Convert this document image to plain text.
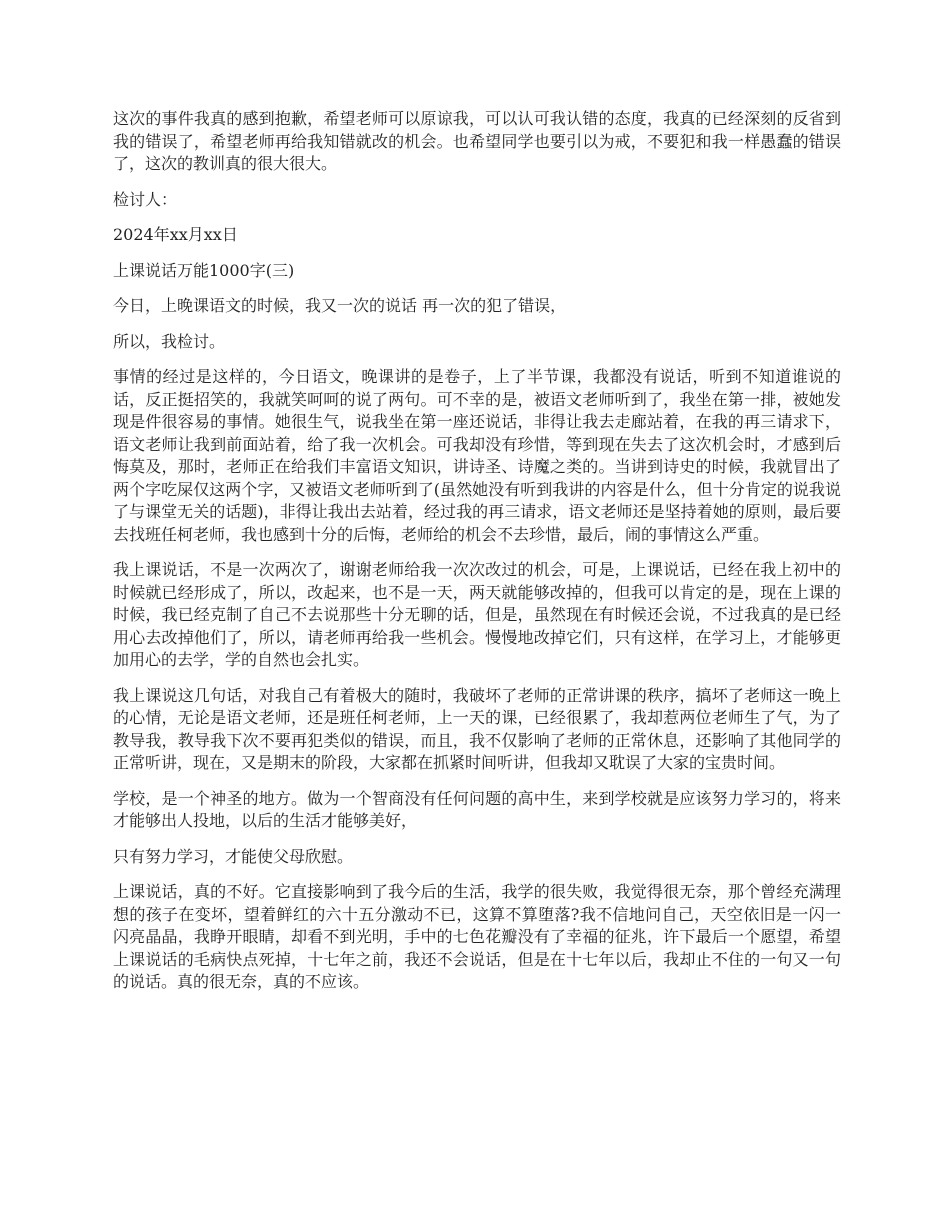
这次的事件我真的感到抱歉，希望老师可以原谅我，可以认可我认错的态度，我真的已经深刻的反省到我的错误了，希望老师再给我知错就改的机会。也希望同学也要引以为戒，不要犯和我一样愚蠢的错误了，这次的教训真的很大很大。

检讨人：

2024年xx月xx日

上课说话万能1000字(三)

今日，上晚课语文的时候，我又一次的说话 再一次的犯了错误，

所以，我检讨。

事情的经过是这样的，今日语文，晚课讲的是卷子，上了半节课，我都没有说话，听到不知道谁说的话，反正挺招笑的，我就笑呵呵的说了两句。可不幸的是，被语文老师听到了，我坐在第一排，被她发现是件很容易的事情。她很生气，说我坐在第一座还说话，非得让我去走廊站着，在我的再三请求下，语文老师让我到前面站着，给了我一次机会。可我却没有珍惜，等到现在失去了这次机会时，才感到后悔莫及，那时，老师正在给我们丰富语文知识，讲诗圣、诗魔之类的。当讲到诗史的时候，我就冒出了两个字吃屎仅这两个字，又被语文老师听到了(虽然她没有听到我讲的内容是什么，但十分肯定的说我说了与课堂无关的话题)，非得让我出去站着，经过我的再三请求，语文老师还是坚持着她的原则，最后要去找班任柯老师，我也感到十分的后悔，老师给的机会不去珍惜，最后，闹的事情这么严重。

我上课说话，不是一次两次了，谢谢老师给我一次次改过的机会，可是，上课说话，已经在我上初中的时候就已经形成了，所以，改起来，也不是一天，两天就能够改掉的，但我可以肯定的是，现在上课的时候，我已经克制了自己不去说那些十分无聊的话，但是，虽然现在有时候还会说，不过我真的是已经用心去改掉他们了，所以，请老师再给我一些机会。慢慢地改掉它们，只有这样，在学习上，才能够更加用心的去学，学的自然也会扎实。

我上课说这几句话，对我自己有着极大的随时，我破坏了老师的正常讲课的秩序，搞坏了老师这一晚上的心情，无论是语文老师，还是班任柯老师，上一天的课，已经很累了，我却惹两位老师生了气，为了教导我，教导我下次不要再犯类似的错误，而且，我不仅影响了老师的正常休息，还影响了其他同学的正常听讲，现在，又是期末的阶段，大家都在抓紧时间听讲，但我却又耽误了大家的宝贵时间。

学校，是一个神圣的地方。做为一个智商没有任何问题的高中生，来到学校就是应该努力学习的，将来才能够出人投地，以后的生活才能够美好，

只有努力学习，才能使父母欣慰。

上课说话，真的不好。它直接影响到了我今后的生活，我学的很失败，我觉得很无奈，那个曾经充满理想的孩子在变坏，望着鲜红的六十五分激动不已，这算不算堕落?我不信地问自己，天空依旧是一闪一闪亮晶晶，我睁开眼睛，却看不到光明，手中的七色花瓣没有了幸福的征兆，许下最后一个愿望，希望上课说话的毛病快点死掉，十七年之前，我还不会说话，但是在十七年以后，我却止不住的一句又一句的说话。真的很无奈，真的不应该。
